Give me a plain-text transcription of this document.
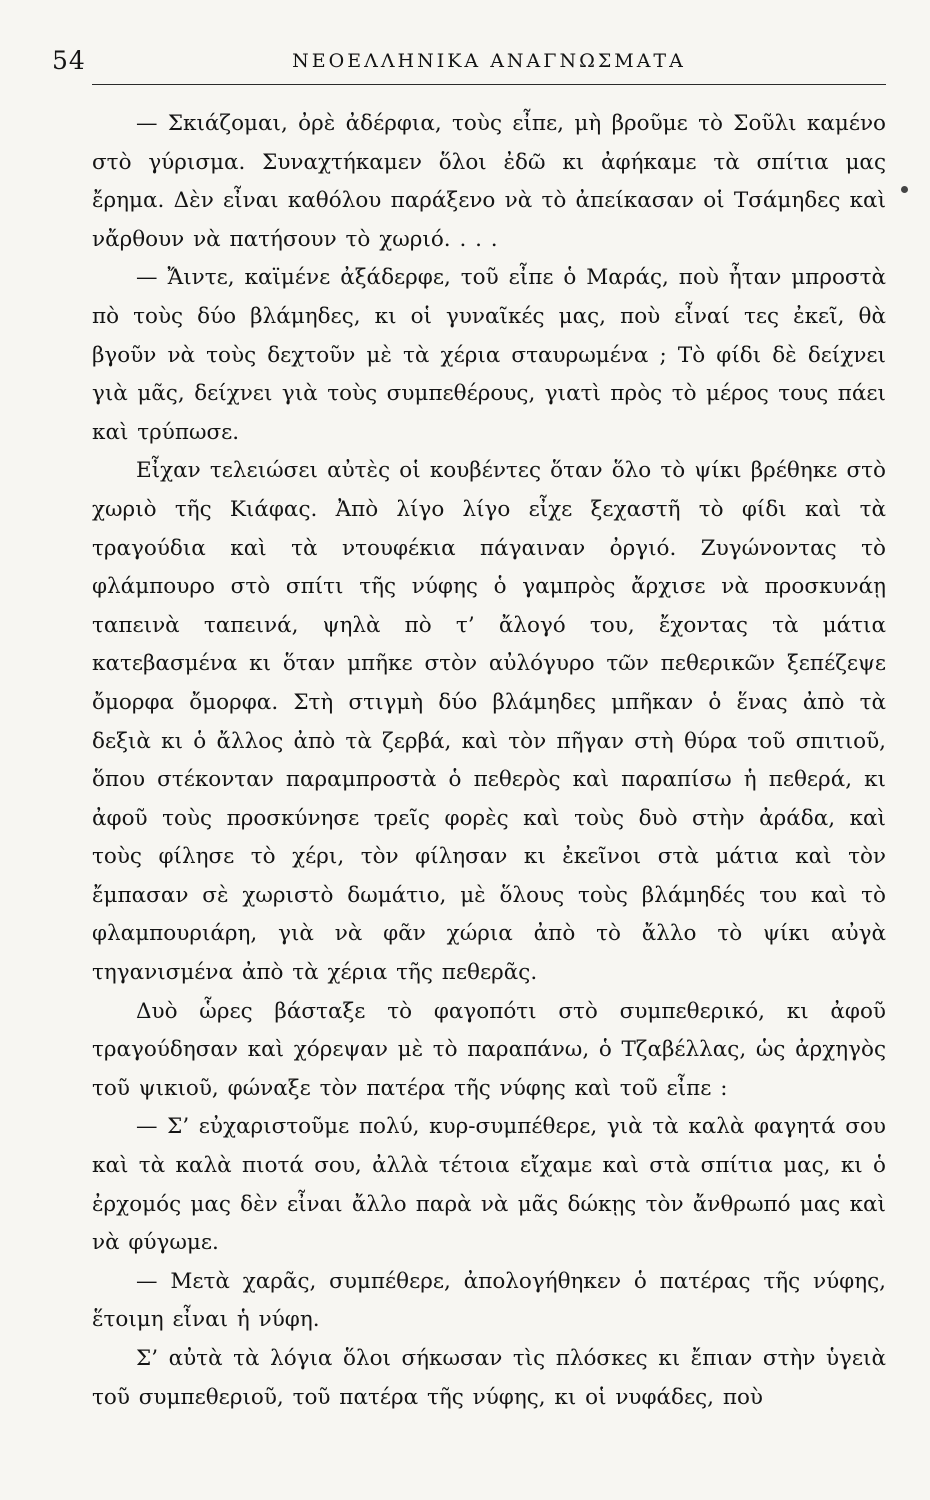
54	ΝΕΟΕΛΛΗΝΙΚΑ ΑΝΑΓΝΩΣΜΑΤΑ

— Σκιάζομαι, ὀρὲ ἀδέρφια, τοὺς εἶπε, μὴ βροῦμε τὸ Σοῦλι καμένο στὸ γύρισμα. Συναχτήκαμεν ὅλοι ἐδῶ κι ἀφήκαμε τὰ σπίτια μας ἔρημα. Δὲν εἶναι καθόλου παράξενο νὰ τὸ ἀπείκασαν οἱ Τσάμηδες καὶ νἄρθουν νὰ πατήσουν τὸ χωριό. . . .

— Ἄιντε, καϊμένε ἀξάδερφε, τοῦ εἶπε ὁ Μαράς, ποὺ ἦταν μπροστὰ πὸ τοὺς δύο βλάμηδες, κι οἱ γυναῖκές μας, ποὺ εἶναί τες ἐκεῖ, θὰ βγοῦν νὰ τοὺς δεχτοῦν μὲ τὰ χέρια σταυρωμένα ; Τὸ φίδι δὲ δείχνει γιὰ μᾶς, δείχνει γιὰ τοὺς συμπεθέρους, γιατὶ πρὸς τὸ μέρος τους πάει καὶ τρύπωσε.

Εἶχαν τελειώσει αὐτὲς οἱ κουβέντες ὅταν ὅλο τὸ ψίκι βρέθηκε στὸ χωριὸ τῆς Κιάφας. Ἀπὸ λίγο λίγο εἶχε ξεχαστῆ τὸ φίδι καὶ τὰ τραγούδια καὶ τὰ ντουφέκια πάγαιναν ὀργιό. Ζυγώνοντας τὸ φλάμπουρο στὸ σπίτι τῆς νύφης ὁ γαμπρὸς ἄρχισε νὰ προσκυνάῃ ταπεινὰ ταπεινά, ψηλὰ πὸ τ’ ἄλογό του, ἔχοντας τὰ μάτια κατεβασμένα κι ὅταν μπῆκε στὸν αὐλόγυρο τῶν πεθερικῶν ξεπέζεψε ὄμορφα ὄμορφα. Στὴ στιγμὴ δύο βλάμηδες μπῆκαν ὁ ἕνας ἀπὸ τὰ δεξιὰ κι ὁ ἄλλος ἀπὸ τὰ ζερβά, καὶ τὸν πῆγαν στὴ θύρα τοῦ σπιτιοῦ, ὅπου στέκονταν παραμπροστὰ ὁ πεθερὸς καὶ παραπίσω ἡ πεθερά, κι ἀφοῦ τοὺς προσκύνησε τρεῖς φορὲς καὶ τοὺς δυὸ στὴν ἀράδα, καὶ τοὺς φίλησε τὸ χέρι, τὸν φίλησαν κι ἐκεῖνοι στὰ μάτια καὶ τὸν ἔμπασαν σὲ χωριστὸ δωμάτιο, μὲ ὅλους τοὺς βλάμηδές του καὶ τὸ φλαμπουριάρη, γιὰ νὰ φᾶν χώρια ἀπὸ τὸ ἄλλο τὸ ψίκι αὐγὰ τηγανισμένα ἀπὸ τὰ χέρια τῆς πεθερᾶς.

Δυὸ ὧρες βάσταξε τὸ φαγοπότι στὸ συμπεθερικό, κι ἀφοῦ τραγούδησαν καὶ χόρεψαν μὲ τὸ παραπάνω, ὁ Τζαβέλλας, ὡς ἀρχηγὸς τοῦ ψικιοῦ, φώναξε τὸν πατέρα τῆς νύφης καὶ τοῦ εἶπε :

— Σ’ εὐχαριστοῦμε πολύ, κυρ-συμπέθερε, γιὰ τὰ καλὰ φαγητά σου καὶ τὰ καλὰ πιοτά σου, ἀλλὰ τέτοια εἴχαμε καὶ στὰ σπίτια μας, κι ὁ ἐρχομός μας δὲν εἶναι ἄλλο παρὰ νὰ μᾶς δώκῃς τὸν ἄνθρωπό μας καὶ νὰ φύγωμε.

— Μετὰ χαρᾶς, συμπέθερε, ἀπολογήθηκεν ὁ πατέρας τῆς νύφης, ἕτοιμη εἶναι ἡ νύφη.

Σ’ αὐτὰ τὰ λόγια ὅλοι σήκωσαν τὶς πλόσκες κι ἔπιαν στὴν ὑγειὰ τοῦ συμπεθεριοῦ, τοῦ πατέρα τῆς νύφης, κι οἱ νυφάδες, ποὺ
